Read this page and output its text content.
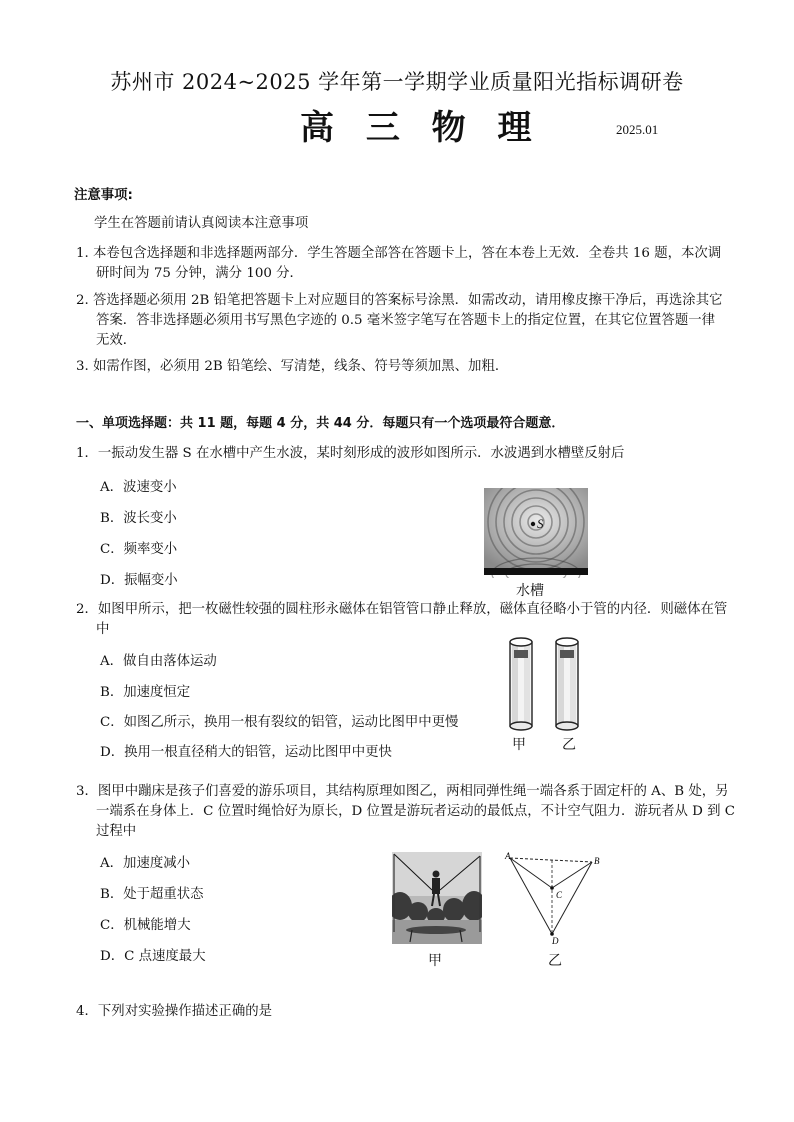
苏州市 2024~2025 学年第一学期学业质量阳光指标调研卷
高 三 物 理	2025.01
注意事项:
学生在答题前请认真阅读本注意事项
1. 本卷包含选择题和非选择题两部分．学生答题全部答在答题卡上，答在本卷上无效．全卷共 16 题，本次调研时间为 75 分钟，满分 100 分．
2. 答选择题必须用 2B 铅笔把答题卡上对应题目的答案标号涂黑．如需改动，请用橡皮擦干净后，再选涂其它答案．答非选择题必须用书写黑色字迹的 0.5 毫米签字笔写在答题卡上的指定位置，在其它位置答题一律无效．
3. 如需作图，必须用 2B 铅笔绘、写清楚，线条、符号等须加黑、加粗．
一、单项选择题：共 11 题，每题 4 分，共 44 分．每题只有一个选项最符合题意．
1．一振动发生器 S 在水槽中产生水波，某时刻形成的波形如图所示．水波遇到水槽壁反射后
A．波速变小
B．波长变小
C．频率变小
D．振幅变小
S
水槽
2．如图甲所示，把一枚磁性较强的圆柱形永磁体在铝管管口静止释放，磁体直径略小于管的内径．则磁体在管中
A．做自由落体运动
B．加速度恒定
C．如图乙所示，换用一根有裂纹的铝管，运动比图甲中更慢
D．换用一根直径稍大的铝管，运动比图甲中更快	甲	乙
3．图甲中蹦床是孩子们喜爱的游乐项目，其结构原理如图乙，两相同弹性绳一端各系于固定杆的 A、B 处，另一端系在身体上．C 位置时绳恰好为原长，D 位置是游玩者运动的最低点，不计空气阻力．游玩者从 D 到 C 过程中
A．加速度减小
B．处于超重状态
C．机械能增大
D．C 点速度最大	甲
A	B
C
D
乙
4．下列对实验操作描述正确的是
